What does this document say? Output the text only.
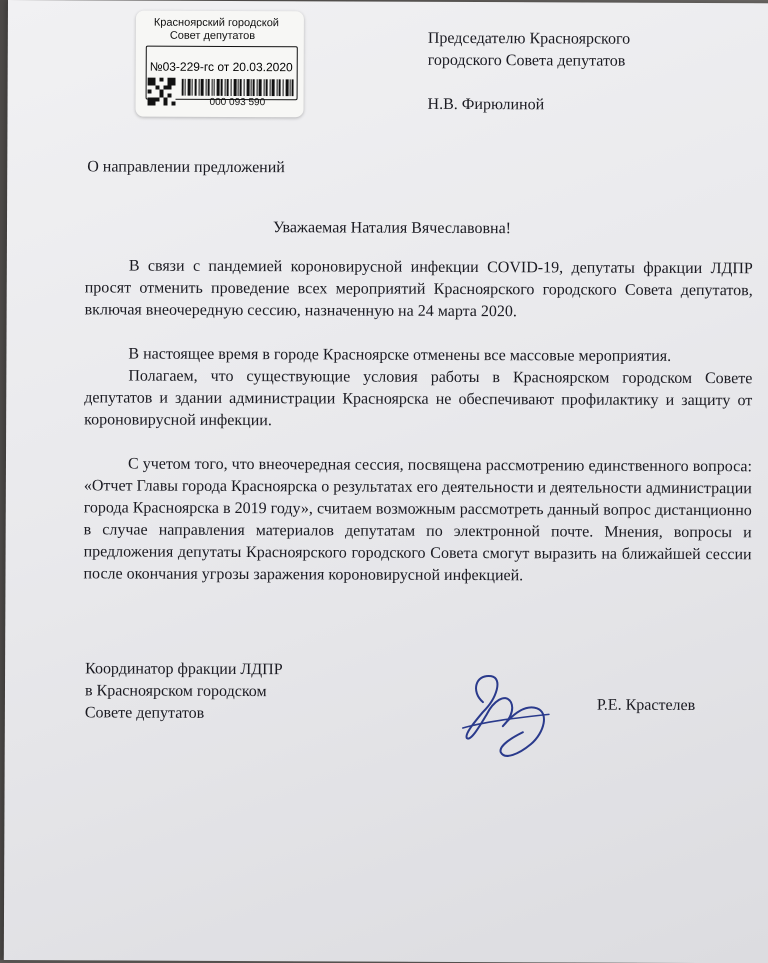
Красноярский городской
Совет депутатов
№03-229-гс от 20.03.2020
000 093 590
Председателю Красноярского
городского Совета депутатов
Н.В. Фирюлиной
О направлении предложений
Уважаемая Наталия Вячеславовна!

В связи с пандемией короновирусной инфекции COVID-19, депутаты фракции ЛДПР просят отменить проведение всех мероприятий Красноярского городского Совета депутатов, включая внеочередную сессию, назначенную на 24 марта 2020.

В настоящее время в городе Красноярске отменены все массовые мероприятия.

Полагаем, что существующие условия работы в Красноярском городском Совете депутатов и здании администрации Красноярска не обеспечивают профилактику и защиту от короновирусной инфекции.

С учетом того, что внеочередная сессия, посвящена рассмотрению единственного вопроса: «Отчет Главы города Красноярска о результатах его деятельности и деятельности администрации города Красноярска в 2019 году», считаем возможным рассмотреть данный вопрос дистанционно в случае направления материалов депутатам по электронной почте. Мнения, вопросы и предложения депутаты Красноярского городского Совета смогут выразить на ближайшей сессии после окончания угрозы заражения короновирусной инфекцией.

Координатор фракции ЛДПР
в Красноярском городском
Совете депутатов	Р.Е. Крастелев
